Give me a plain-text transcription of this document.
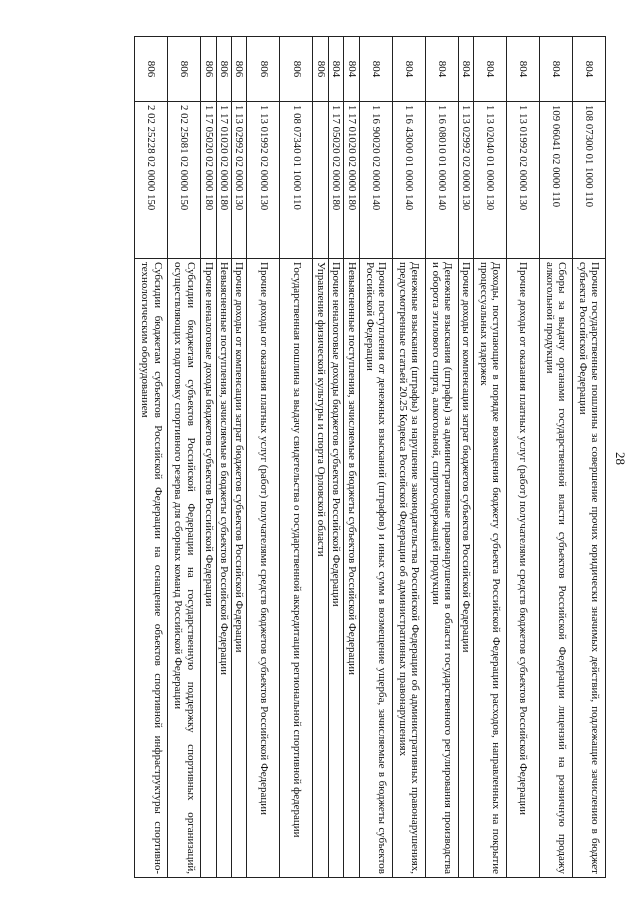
28
804	108 07300 01 1000 110	Прочие государственные пошлины за совершение прочих юридически значимых действий, подлежащие зачислению в бюджет субъекта Российской Федерации
804	109 06041 02 0000 110	Сборы за выдачу органами государственной власти субъектов Российской Федерации лицензий на розничную продажу алкогольной продукции
804	1 13 01992 02 0000 130	Прочие доходы от оказания платных услуг (работ) получателями средств бюджетов субъектов Российской Федерации
804	1 13 02040 01 0000 130	Доходы, поступающие в порядке возмещения бюджету субъекта Российской Федерации расходов, направленных на покрытие процессуальных издержек
804	1 13 02992 02 0000 130	Прочие доходы от компенсации затрат бюджетов субъектов Российской Федерации
804	1 16 08010 01 0000 140	Денежные взыскания (штрафы) за административные правонарушения в области государственного регулирования производства и оборота этилового спирта, алкогольной, спиртосодержащей продукции
804	1 16 43000 01 0000 140	Денежные взыскания (штрафы) за нарушение законодательства Российской Федерации об административных правонарушениях, предусмотренные статьей 20.25 Кодекса Российской Федерации об административных правонарушениях
804	1 16 90020 02 0000 140	Прочие поступления от денежных взысканий (штрафов) и иных сумм в возмещение ущерба, зачисляемые в бюджеты субъектов Российской Федерации
804	1 17 01020 02 0000 180	Невыясненные поступления, зачисляемые в бюджеты субъектов Российской Федерации
804	1 17 05020 02 0000 180	Прочие неналоговые доходы бюджетов субъектов Российской Федерации
806		Управление физической культуры и спорта Орловской области
806	1 08 07340 01 1000 110	Государственная пошлина за выдачу свидетельства о государственной аккредитации региональной спортивной федерации
806	1 13 01992 02 0000 130	Прочие доходы от оказания платных услуг (работ) получателями средств бюджетов субъектов Российской Федерации
806	1 13 02992 02 0000 130	Прочие доходы от компенсации затрат бюджетов субъектов Российской Федерации
806	1 17 01020 02 0000 180	Невыясненные поступления, зачисляемые в бюджеты субъектов Российской Федерации
806	1 17 05020 02 0000 180	Прочие неналоговые доходы бюджетов субъектов Российской Федерации
806	2 02 25081 02 0000 150	Субсидии бюджетам субъектов Российской Федерации на государственную поддержку спортивных организаций, осуществляющих подготовку спортивного резерва для сборных команд Российской Федерации
806	2 02 25228 02 0000 150	Субсидии бюджетам субъектов Российской Федерации на оснащение объектов спортивной инфраструктуры спортивно-технологическим оборудованием
